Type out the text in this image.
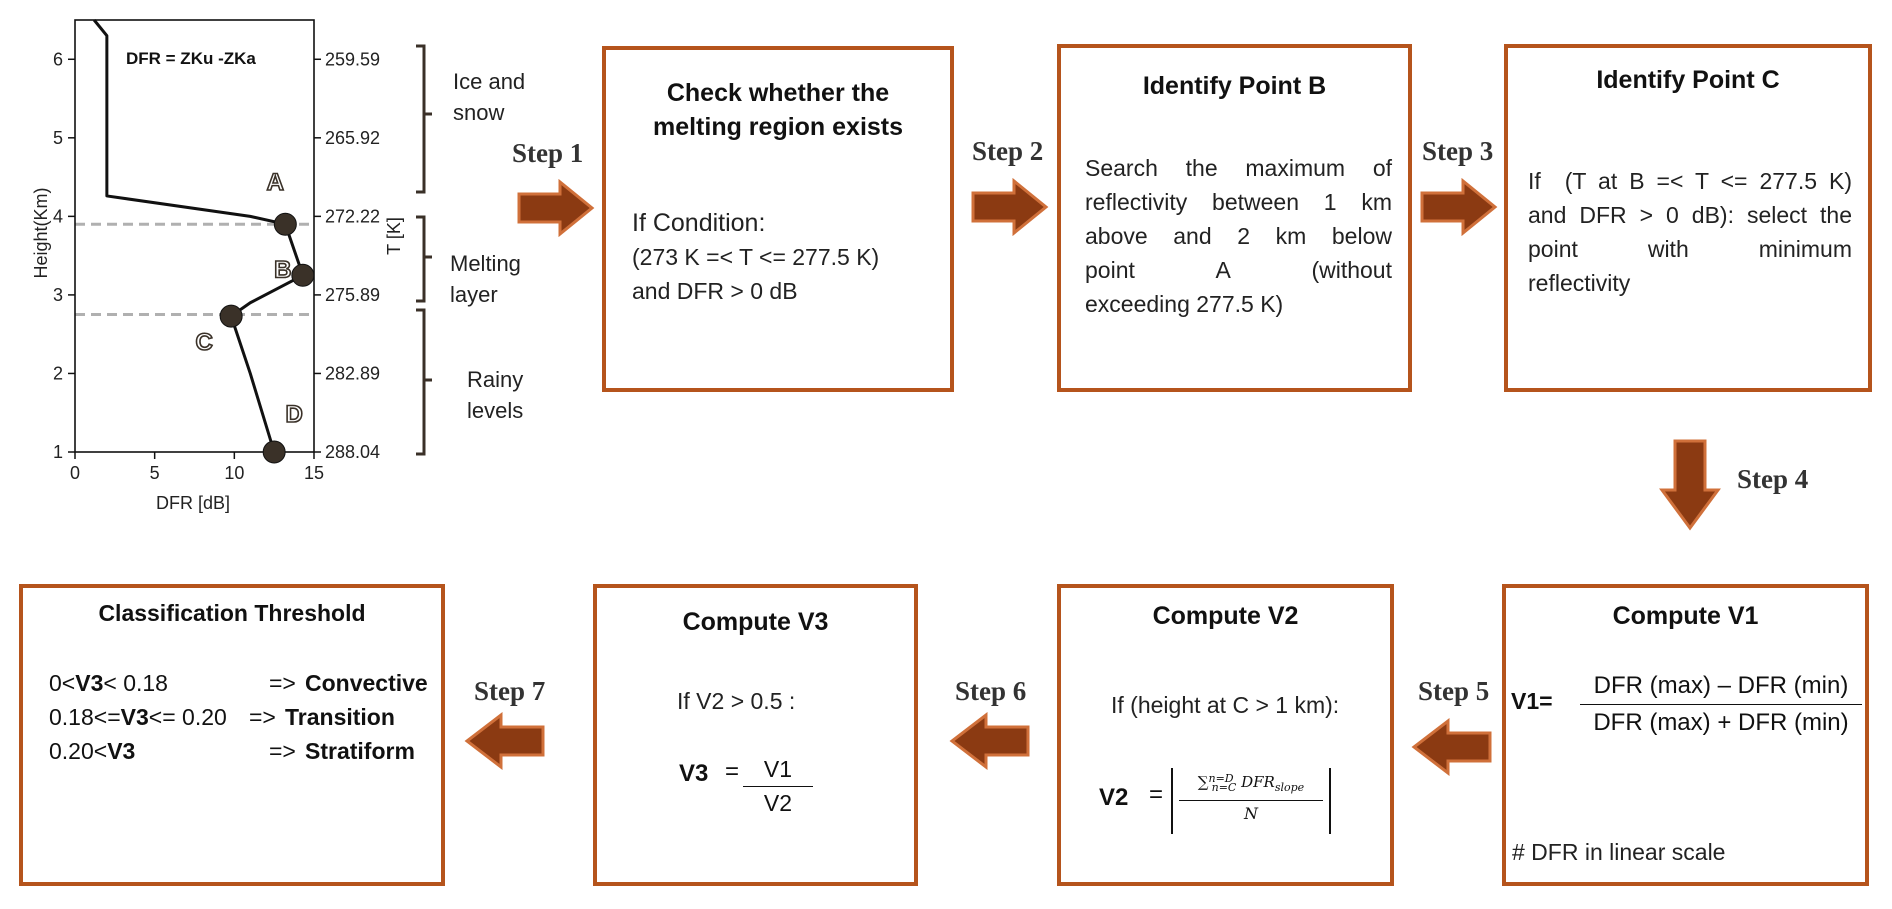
0	5	10	15
1
2
3
4
5
6	259.59
265.92
272.22
275.89
282.89
288.04
A
B
C
D
DFR = ZKu -ZKa
DFR [dB]
Height(Km)	T [K]
Ice and snow
Melting layer
Rainy levels
Check whether the melting region exists
If Condition:
(273 K =< T <= 277.5 K)
and DFR > 0 dB
Identify Point B
Search the maximum of
reflectivity between 1 km
above and 2 km below
point    A    (without
exceeding 277.5 K)
Identify Point C
If  (T at B =< T <= 277.5 K)
and DFR > 0 dB): select the
point   with   minimum
reflectivity
Compute V1
V1=
DFR (max) – DFR (min)
DFR (max) + DFR (min)
# DFR in linear scale
Compute V2
If (height at C > 1 km):
V2 =	∑$^{n=D}_{n=C}$ $DFR_{slope}$
N
Compute V3
If V2 > 0.5 :
V3 =	V1
V2
Classification Threshold
0<V3< 0.18	=> Convective
0.18<=V3<= 0.20 => Transition
0.20<V3	=> Stratiform
Step 1	Step 2	Step 3
Step 4
Step 5
Step 6
Step 7
